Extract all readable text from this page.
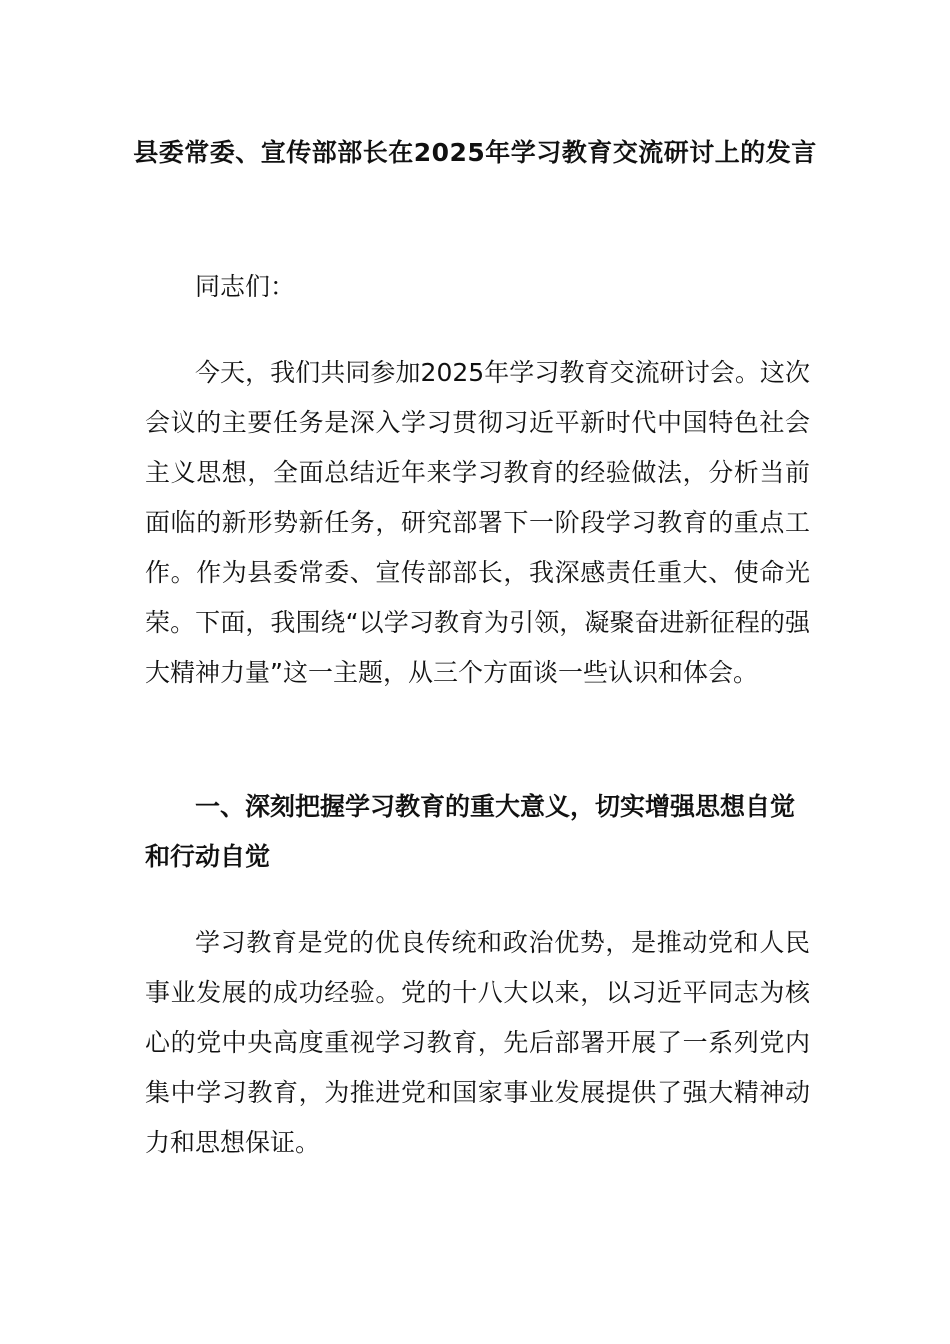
县委常委、宣传部部长在2025年学习教育交流研讨上的发言
同志们：

今天，我们共同参加2025年学习教育交流研讨会。这次会议的主要任务是深入学习贯彻习近平新时代中国特色社会主义思想，全面总结近年来学习教育的经验做法，分析当前面临的新形势新任务，研究部署下一阶段学习教育的重点工作。作为县委常委、宣传部部长，我深感责任重大、使命光荣。下面，我围绕“以学习教育为引领，凝聚奋进新征程的强大精神力量”这一主题，从三个方面谈一些认识和体会。

一、深刻把握学习教育的重大意义，切实增强思想自觉和行动自觉

学习教育是党的优良传统和政治优势，是推动党和人民事业发展的成功经验。党的十八大以来，以习近平同志为核心的党中央高度重视学习教育，先后部署开展了一系列党内集中学习教育，为推进党和国家事业发展提供了强大精神动力和思想保证。
